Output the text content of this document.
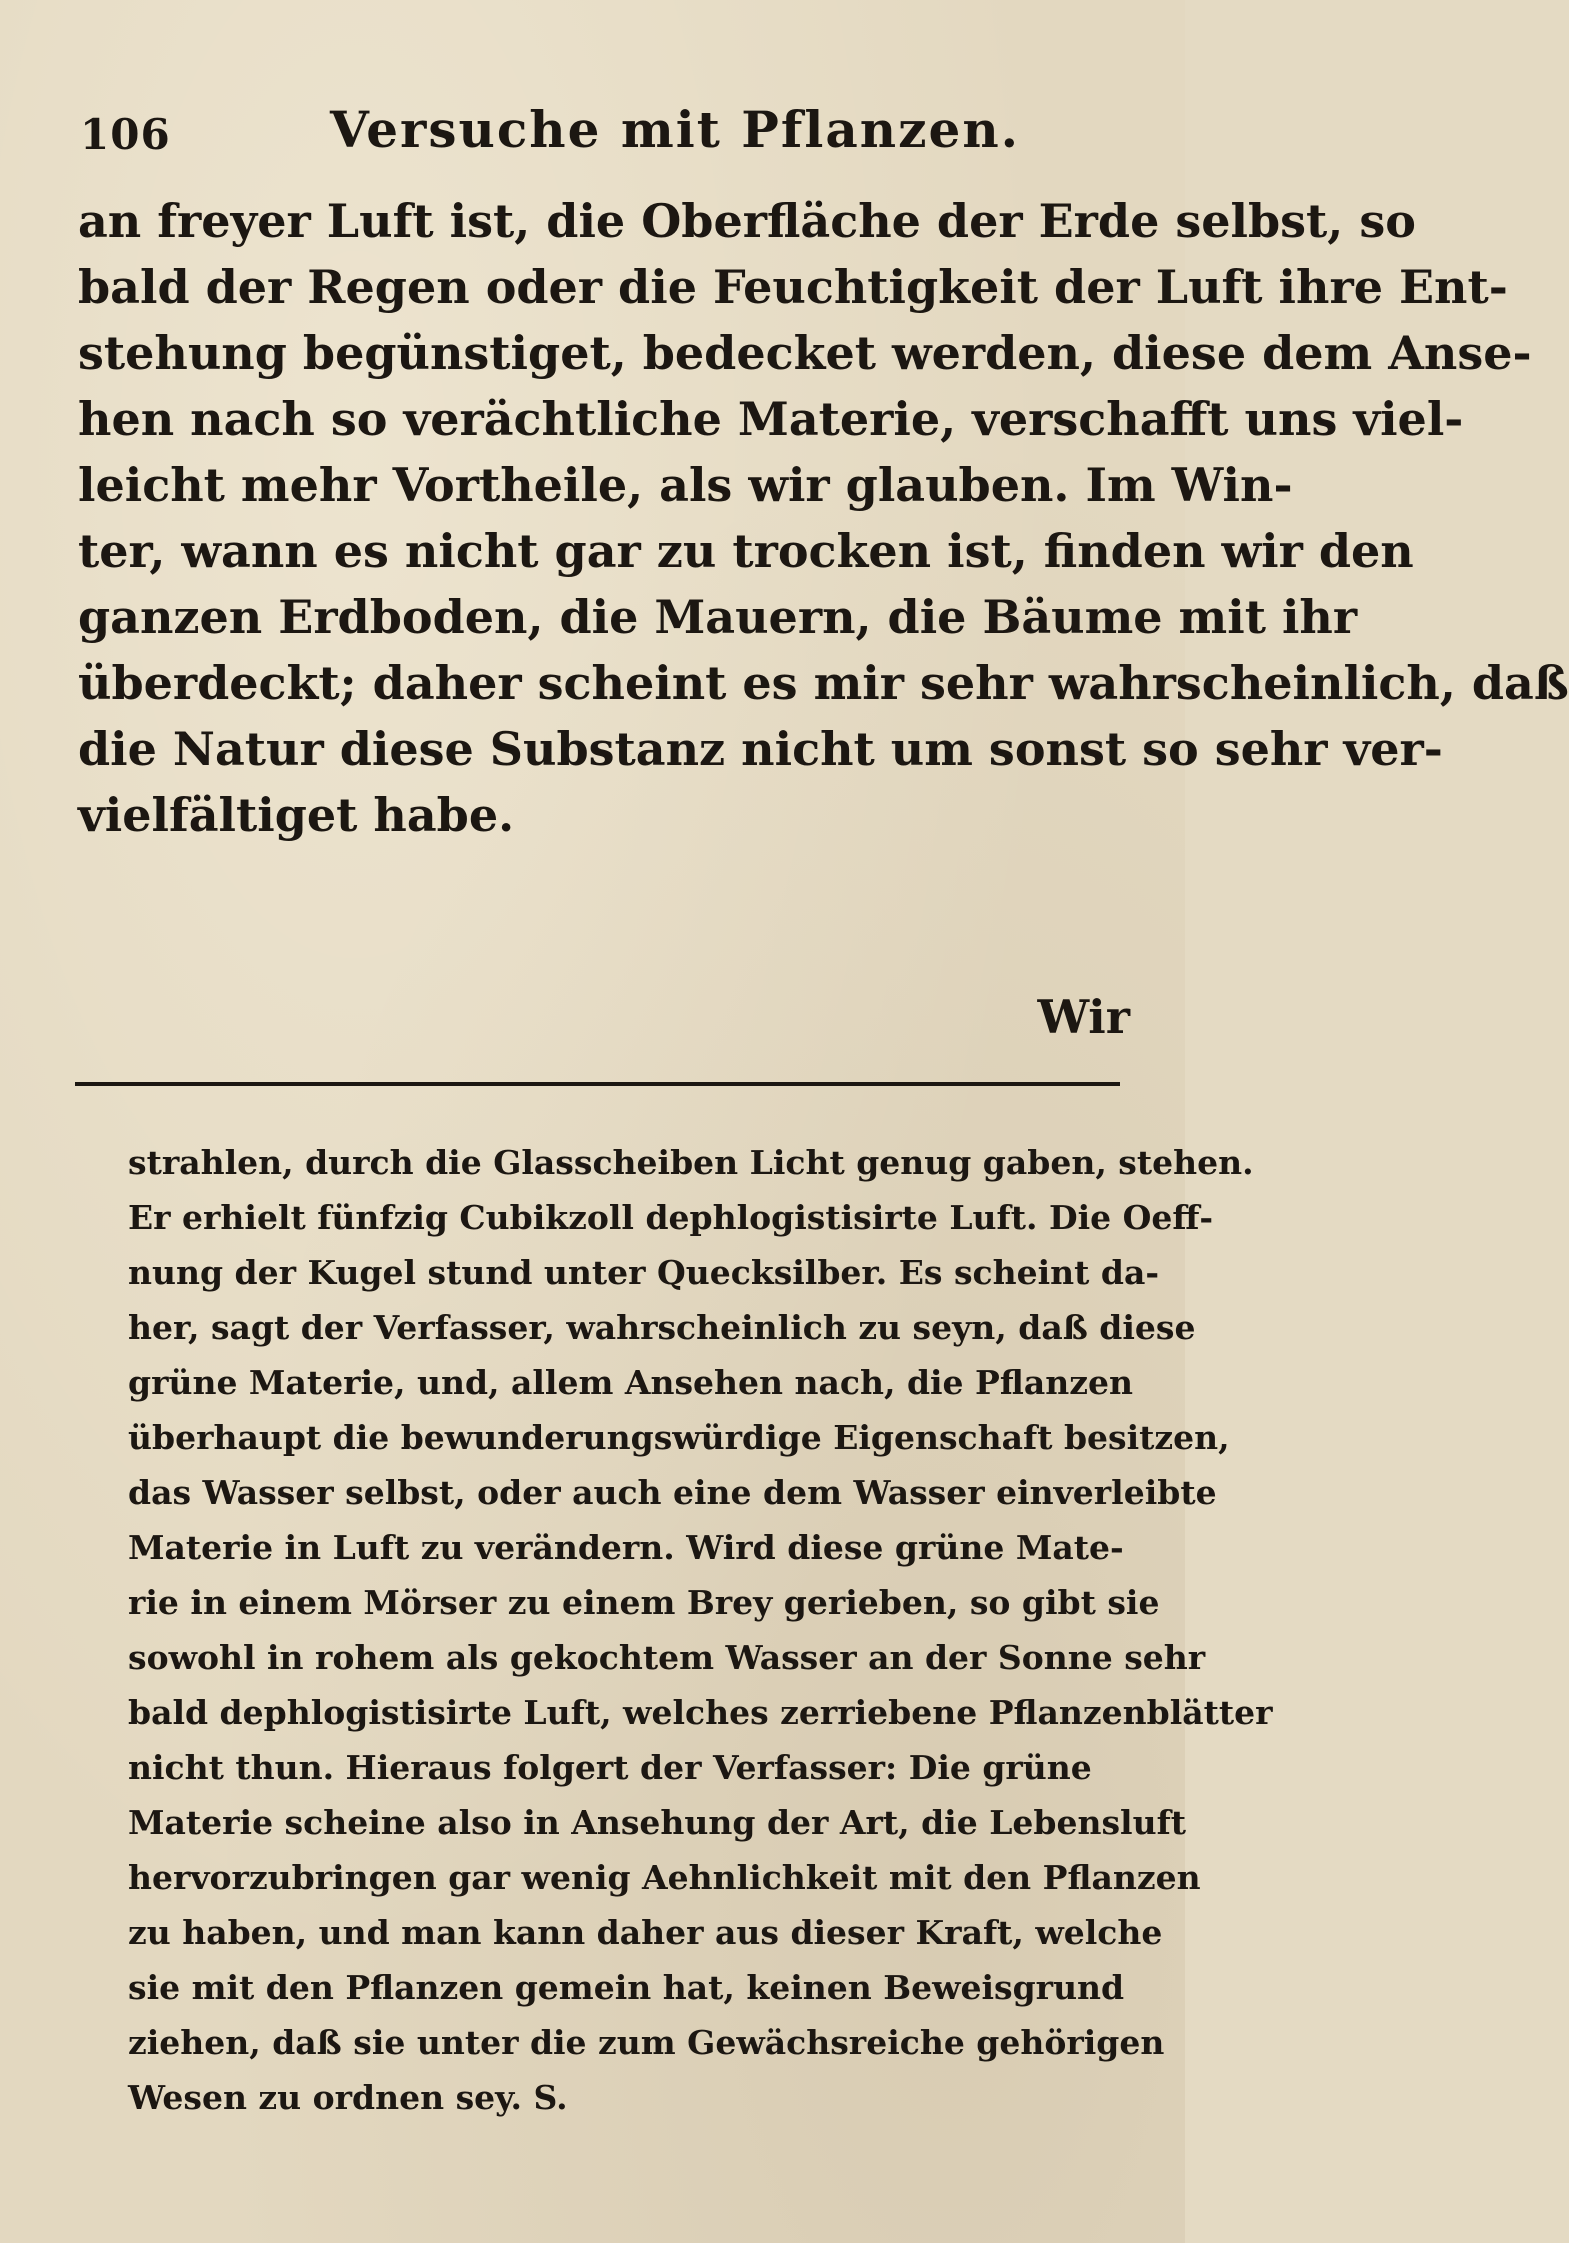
106	Versuche mit Pflanzen.
an freyer Luft ist, die Oberfläche der Erde selbst, so
bald der Regen oder die Feuchtigkeit der Luft ihre Ent-
stehung begünstiget, bedecket werden, diese dem Anse-
hen nach so verächtliche Materie, verschafft uns viel-
leicht mehr Vortheile, als wir glauben. Im Win-
ter, wann es nicht gar zu trocken ist, finden wir den
ganzen Erdboden, die Mauern, die Bäume mit ihr
überdeckt; daher scheint es mir sehr wahrscheinlich, daß
die Natur diese Substanz nicht um sonst so sehr ver-
vielfältiget habe.
Wir
strahlen, durch die Glasscheiben Licht genug gaben, stehen.
Er erhielt fünfzig Cubikzoll dephlogistisirte Luft. Die Oeff-
nung der Kugel stund unter Quecksilber. Es scheint da-
her, sagt der Verfasser, wahrscheinlich zu seyn, daß diese
grüne Materie, und, allem Ansehen nach, die Pflanzen
überhaupt die bewunderungswürdige Eigenschaft besitzen,
das Wasser selbst, oder auch eine dem Wasser einverleibte
Materie in Luft zu verändern. Wird diese grüne Mate-
rie in einem Mörser zu einem Brey gerieben, so gibt sie
sowohl in rohem als gekochtem Wasser an der Sonne sehr
bald dephlogistisirte Luft, welches zerriebene Pflanzenblätter
nicht thun. Hieraus folgert der Verfasser: Die grüne
Materie scheine also in Ansehung der Art, die Lebensluft
hervorzubringen gar wenig Aehnlichkeit mit den Pflanzen
zu haben, und man kann daher aus dieser Kraft, welche
sie mit den Pflanzen gemein hat, keinen Beweisgrund
ziehen, daß sie unter die zum Gewächsreiche gehörigen
Wesen zu ordnen sey. S.
